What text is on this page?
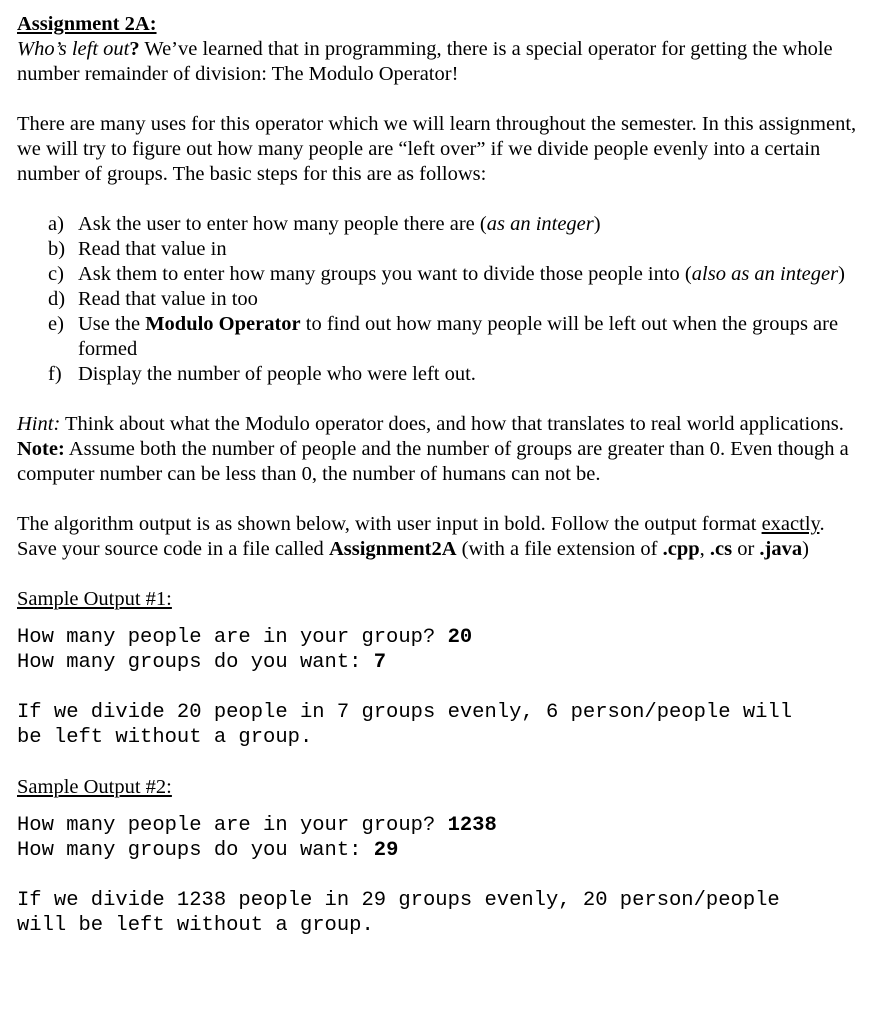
Assignment 2A:

Who’s left out? We’ve learned that in programming, there is a special operator for getting the whole number remainder of division: The Modulo Operator!

There are many uses for this operator which we will learn throughout the semester. In this assignment, we will try to figure out how many people are “left over” if we divide people evenly into a certain number of groups. The basic steps for this are as follows:

a) Ask the user to enter how many people there are (as an integer)
b) Read that value in
c) Ask them to enter how many groups you want to divide those people into (also as an integer)
d) Read that value in too
e) Use the Modulo Operator to find out how many people will be left out when the groups are formed
f) Display the number of people who were left out.

Hint: Think about what the Modulo operator does, and how that translates to real world applications.

Note: Assume both the number of people and the number of groups are greater than 0. Even though a computer number can be less than 0, the number of humans can not be.

The algorithm output is as shown below, with user input in bold. Follow the output format exactly. Save your source code in a file called Assignment2A (with a file extension of .cpp, .cs or .java)

Sample Output #1:
How many people are in your group? 20
How many groups do you want: 7
If we divide 20 people in 7 groups evenly, 6 person/people will
be left without a group.
Sample Output #2:
How many people are in your group? 1238
How many groups do you want: 29
If we divide 1238 people in 29 groups evenly, 20 person/people
will be left without a group.
